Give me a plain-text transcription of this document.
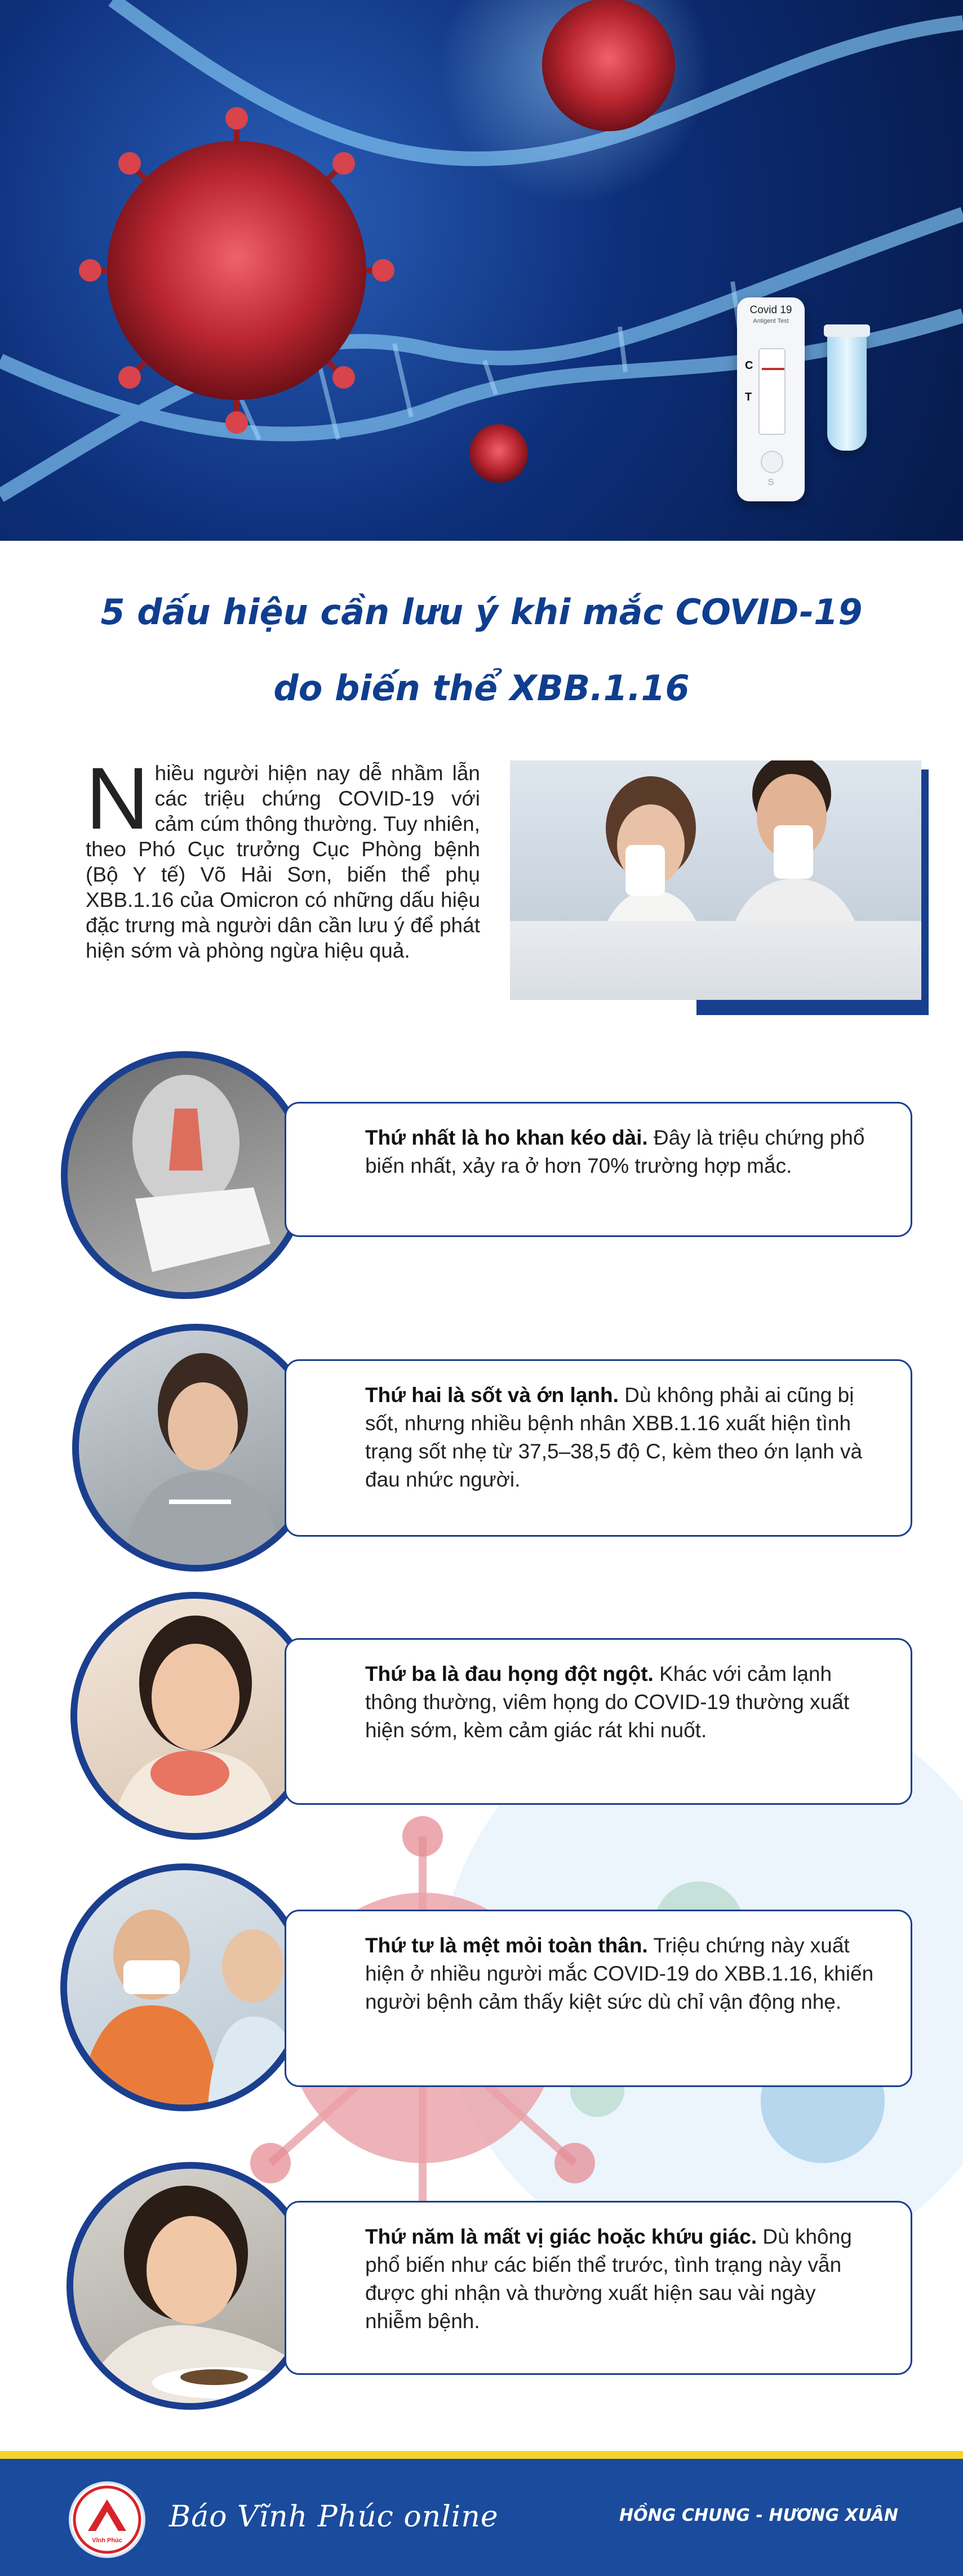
Covid 19
Antigent Test
C
T
S
5 dấu hiệu cần lưu ý khi mắc COVID-19
do biến thể XBB.1.16
Nhiều người hiện nay dễ nhầm lẫn các triệu chứng COVID-19 với cảm cúm thông thường. Tuy nhiên, theo Phó Cục trưởng Cục Phòng bệnh (Bộ Y tế) Võ Hải Sơn, biến thể phụ XBB.1.16 của Omicron có những dấu hiệu đặc trưng mà người dân cần lưu ý để phát hiện sớm và phòng ngừa hiệu quả.
Thứ nhất là ho khan kéo dài. Đây là triệu chứng phổ biến nhất, xảy ra ở hơn 70% trường hợp mắc.
Thứ hai là sốt và ớn lạnh. Dù không phải ai cũng bị sốt, nhưng nhiều bệnh nhân XBB.1.16 xuất hiện tình trạng sốt nhẹ từ 37,5–38,5 độ C, kèm theo ớn lạnh và đau nhức người.
Thứ ba là đau họng đột ngột. Khác với cảm lạnh thông thường, viêm họng do COVID-19 thường xuất hiện sớm, kèm cảm giác rát khi nuốt.
Thứ tư là mệt mỏi toàn thân. Triệu chứng này xuất hiện ở nhiều người mắc COVID-19 do XBB.1.16, khiến người bệnh cảm thấy kiệt sức dù chỉ vận động nhẹ.
Thứ năm là mất vị giác hoặc khứu giác. Dù không phổ biến như các biến thể trước, tình trạng này vẫn được ghi nhận và thường xuất hiện sau vài ngày nhiễm bệnh.
Vĩnh Phúc
Báo Vĩnh Phúc online	HỒNG CHUNG - HƯƠNG XUÂN
